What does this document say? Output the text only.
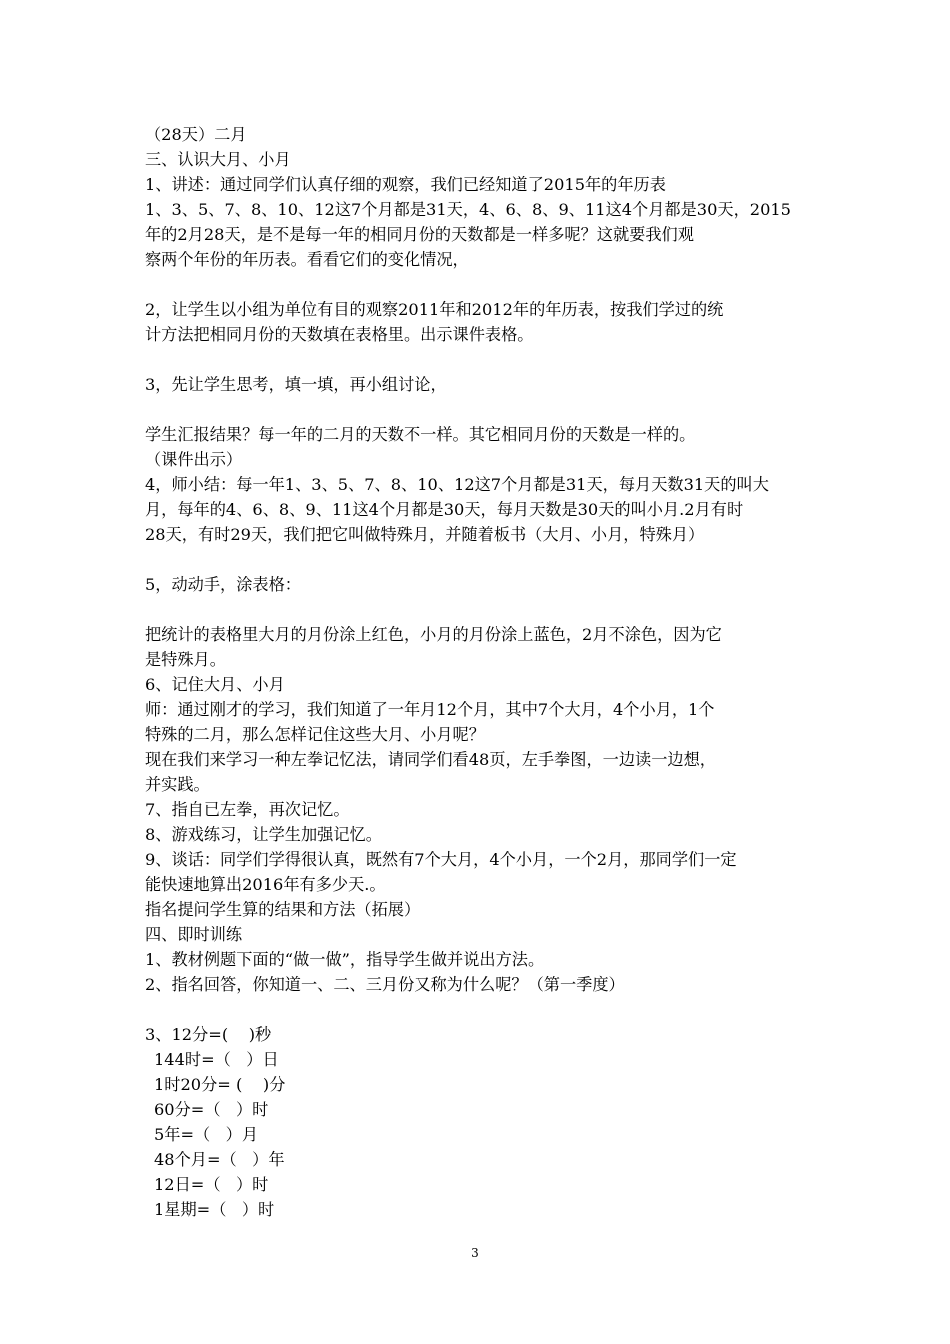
（28天）二月
三、认识大月、小月
1、讲述：通过同学们认真仔细的观察，我们已经知道了2015年的年历表
1、3、5、7、8、10、12这7个月都是31天，4、6、8、9、11这4个月都是30天，2015
年的2月28天，是不是每一年的相同月份的天数都是一样多呢？这就要我们观
察两个年份的年历表。看看它们的变化情况，
2，让学生以小组为单位有目的观察2011年和2012年的年历表，按我们学过的统
计方法把相同月份的天数填在表格里。出示课件表格。
3，先让学生思考，填一填，再小组讨论，
学生汇报结果？每一年的二月的天数不一样。其它相同月份的天数是一样的。
（课件出示）
4，师小结：每一年1、3、5、7、8、10、12这7个月都是31天，每月天数31天的叫大
月，每年的4、6、8、9、11这4个月都是30天，每月天数是30天的叫小月.2月有时
28天，有时29天，我们把它叫做特殊月，并随着板书（大月、小月，特殊月）
5，动动手，涂表格：
把统计的表格里大月的月份涂上红色，小月的月份涂上蓝色，2月不涂色，因为它
是特殊月。
6、记住大月、小月
师：通过刚才的学习，我们知道了一年月12个月，其中7个大月，4个小月，1个
特殊的二月，那么怎样记住这些大月、小月呢？
现在我们来学习一种左拳记忆法，请同学们看48页，左手拳图，一边读一边想，
并实践。
7、指自已左拳，再次记忆。
8、游戏练习，让学生加强记忆。
9、谈话：同学们学得很认真，既然有7个大月，4个小月，一个2月，那同学们一定
能快速地算出2016年有多少天.。
指名提问学生算的结果和方法（拓展）
四、即时训练
1、教材例题下面的“做一做”，指导学生做并说出方法。
2、指名回答，你知道一、二、三月份又称为什么呢？（第一季度）
3、12分=(    )秒
144时=（   ）日
1时20分= (    )分
60分=（   ）时
5年=（   ）月
48个月=（   ）年
12日=（   ）时
1星期=（   ）时
3
